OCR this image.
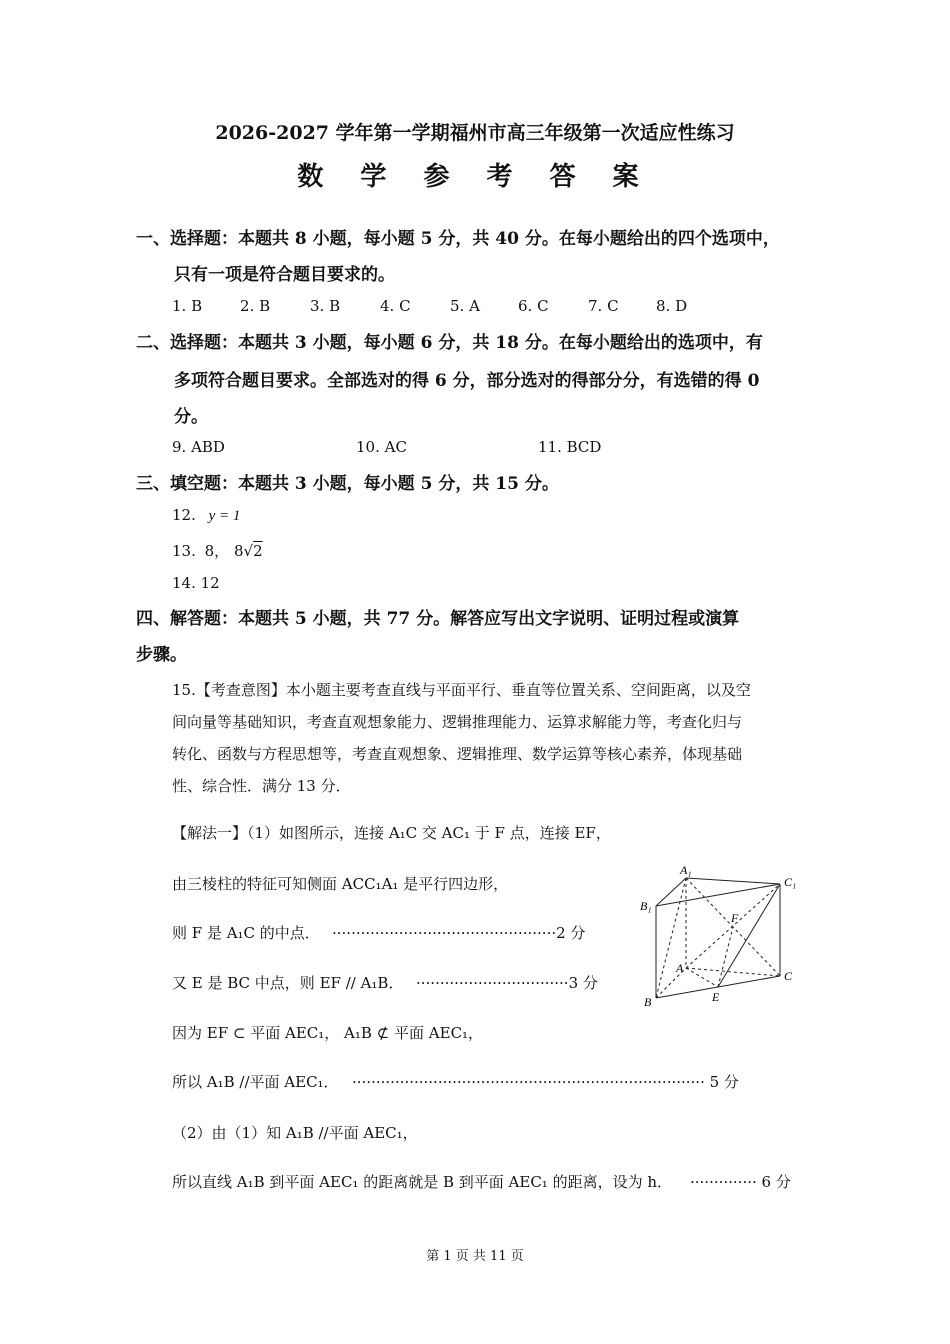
2026-2027 学年第一学期福州市高三年级第一次适应性练习
数 学 参 考 答 案
一、选择题：本题共 8 小题，每小题 5 分，共 40 分。在每小题给出的四个选项中，
只有一项是符合题目要求的。
1. B	2. B	3. B	4. C	5. A	6. C	7. C 8. D
二、选择题：本题共 3 小题，每小题 6 分，共 18 分。在每小题给出的选项中，有
多项符合题目要求。全部选对的得 6 分，部分选对的得部分分，有选错的得 0
分。
9. ABD	10. AC	11. BCD
三、填空题：本题共 3 小题，每小题 5 分，共 15 分。
12. y = 1
13. 8， 8√2
14. 12
四、解答题：本题共 5 小题，共 77 分。解答应写出文字说明、证明过程或演算
步骤。
15.【考查意图】本小题主要考查直线与平面平行、垂直等位置关系、空间距离，以及空
间向量等基础知识，考查直观想象能力、逻辑推理能力、运算求解能力等，考查化归与
转化、函数与方程思想等，考查直观想象、逻辑推理、数学运算等核心素养，体现基础
性、综合性．满分 13 分．
【解法一】（1）如图所示，连接 A₁C 交 AC₁ 于 F 点，连接 EF，
由三棱柱的特征可知侧面 ACC₁A₁ 是平行四边形，
则 F 是 A₁C 的中点． ···············································2 分
又 E 是 BC 中点，则 EF // A₁B． ································3 分
因为 EF ⊂ 平面 AEC₁， A₁B ⊄ 平面 AEC₁，
所以 A₁B //平面 AEC₁． ·········································································· 5 分
（2）由（1）知 A₁B //平面 AEC₁，
所以直线 A₁B 到平面 AEC₁ 的距离就是 B 到平面 AEC₁ 的距离，设为 h． ·············· 6 分
A₁
B₁
C₁
F
A
B
C
E
第 1 页 共 11 页
